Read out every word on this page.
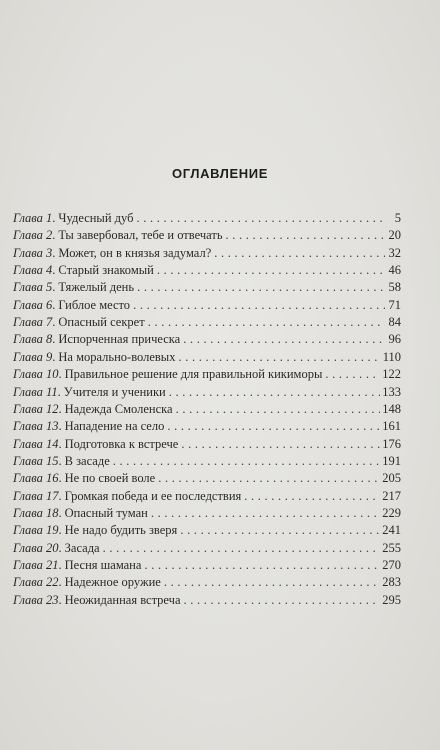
ОГЛАВЛЕНИЕ
Глава 1. Чудесный дуб . . .	5
Глава 2. Ты завербовал, тебе и отвечать . . .	20
Глава 3. Может, он в князья задумал? . . .	32
Глава 4. Старый знакомый . . .	46
Глава 5. Тяжелый день . . .	58
Глава 6. Гиблое место . . .	71
Глава 7. Опасный секрет . . .	84
Глава 8. Испорченная прическа . . .	96
Глава 9. На морально-волевых . . .	110
Глава 10. Правильное решение для правильной кикиморы . . .	122
Глава 11. Учителя и ученики . . .	133
Глава 12. Надежда Смоленска . . .	148
Глава 13. Нападение на село . . .	161
Глава 14. Подготовка к встрече . . .	176
Глава 15. В засаде . . .	191
Глава 16. Не по своей воле . . .	205
Глава 17. Громкая победа и ее последствия . . .	217
Глава 18. Опасный туман . . .	229
Глава 19. Не надо будить зверя . . .	241
Глава 20. Засада . . .	255
Глава 21. Песня шамана . . .	270
Глава 22. Надежное оружие . . .	283
Глава 23. Неожиданная встреча . . .	295
